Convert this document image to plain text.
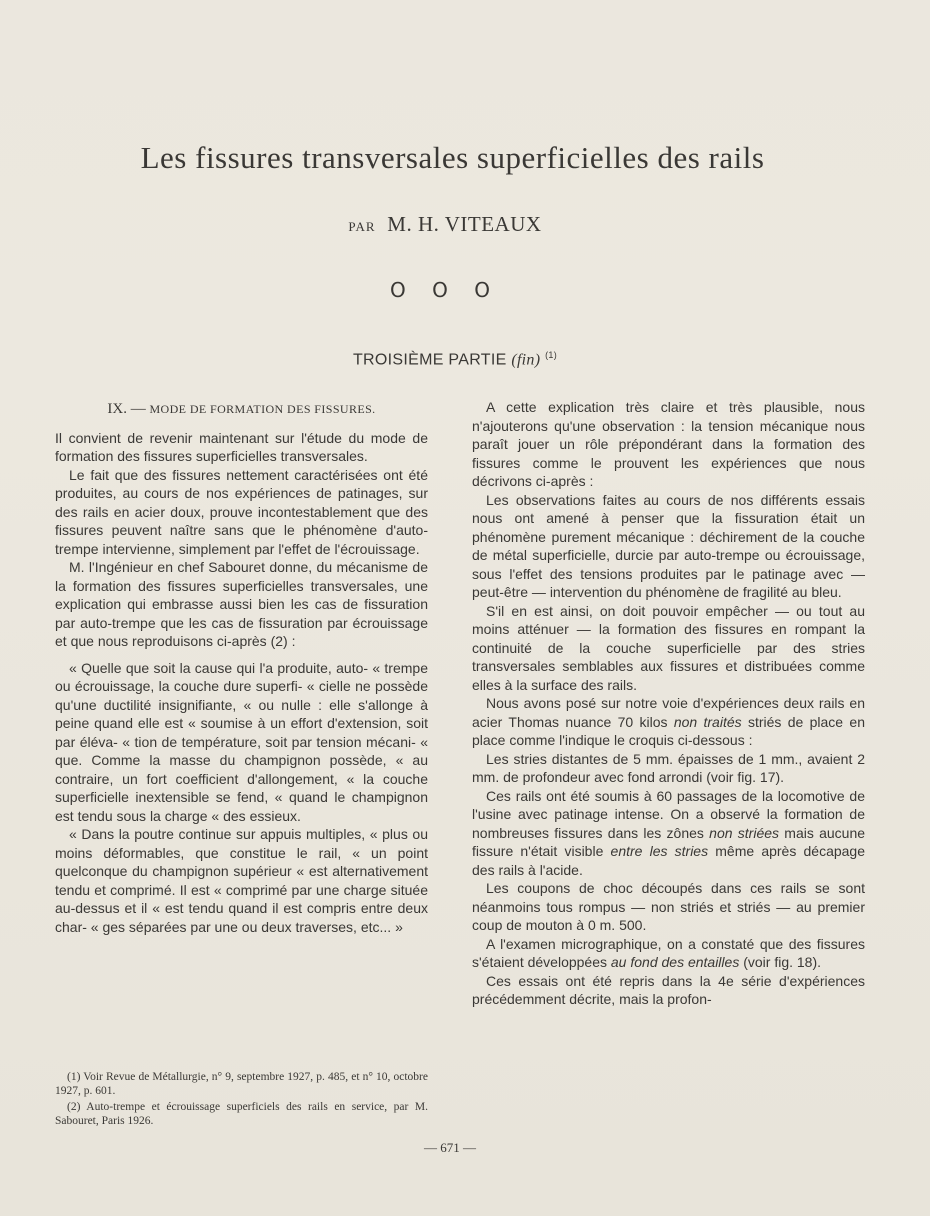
Les fissures transversales superficielles des rails
PAR M. H. VITEAUX
O O O
TROISIÈME PARTIE (fin) $^{(1)}$
IX. — MODE DE FORMATION DES FISSURES.

Il convient de revenir maintenant sur l'étude du mode de formation des fissures superficielles transversales.

Le fait que des fissures nettement caractérisées ont été produites, au cours de nos expériences de patinages, sur des rails en acier doux, prouve incontestablement que des fissures peuvent naître sans que le phénomène d'auto-trempe intervienne, simplement par l'effet de l'écrouissage.

M. l'Ingénieur en chef Sabouret donne, du mécanisme de la formation des fissures superficielles transversales, une explication qui embrasse aussi bien les cas de fissuration par auto-trempe que les cas de fissuration par écrouissage et que nous reproduisons ci-après (2) :

« Quelle que soit la cause qui l'a produite, auto- « trempe ou écrouissage, la couche dure superfi- « cielle ne possède qu'une ductilité insignifiante, « ou nulle : elle s'allonge à peine quand elle est « soumise à un effort d'extension, soit par éléva- « tion de température, soit par tension mécani- « que. Comme la masse du champignon possède, « au contraire, un fort coefficient d'allongement, « la couche superficielle inextensible se fend, « quand le champignon est tendu sous la charge « des essieux.

« Dans la poutre continue sur appuis multiples, « plus ou moins déformables, que constitue le rail, « un point quelconque du champignon supérieur « est alternativement tendu et comprimé. Il est « comprimé par une charge située au-dessus et il « est tendu quand il est compris entre deux char- « ges séparées par une ou deux traverses, etc... »

(1) Voir Revue de Métallurgie, n° 9, septembre 1927, p. 485, et n° 10, octobre 1927, p. 601.

(2) Auto-trempe et écrouissage superficiels des rails en service, par M. Sabouret, Paris 1926.

A cette explication très claire et très plausible, nous n'ajouterons qu'une observation : la tension mécanique nous paraît jouer un rôle prépondérant dans la formation des fissures comme le prouvent les expériences que nous décrivons ci-après :

Les observations faites au cours de nos différents essais nous ont amené à penser que la fissuration était un phénomène purement mécanique : déchirement de la couche de métal superficielle, durcie par auto-trempe ou écrouissage, sous l'effet des tensions produites par le patinage avec — peut-être — intervention du phénomène de fragilité au bleu.

S'il en est ainsi, on doit pouvoir empêcher — ou tout au moins atténuer — la formation des fissures en rompant la continuité de la couche superficielle par des stries transversales semblables aux fissures et distribuées comme elles à la surface des rails.

Nous avons posé sur notre voie d'expériences deux rails en acier Thomas nuance 70 kilos non traités striés de place en place comme l'indique le croquis ci-dessous :

Les stries distantes de 5 mm. épaisses de 1 mm., avaient 2 mm. de profondeur avec fond arrondi (voir fig. 17).

Ces rails ont été soumis à 60 passages de la locomotive de l'usine avec patinage intense. On a observé la formation de nombreuses fissures dans les zônes non striées mais aucune fissure n'était visible entre les stries même après décapage des rails à l'acide.

Les coupons de choc découpés dans ces rails se sont néanmoins tous rompus — non striés et striés — au premier coup de mouton à 0 m. 500.

A l'examen micrographique, on a constaté que des fissures s'étaient développées au fond des entailles (voir fig. 18).

Ces essais ont été repris dans la 4e série d'expériences précédemment décrite, mais la profon-

— 671 —
